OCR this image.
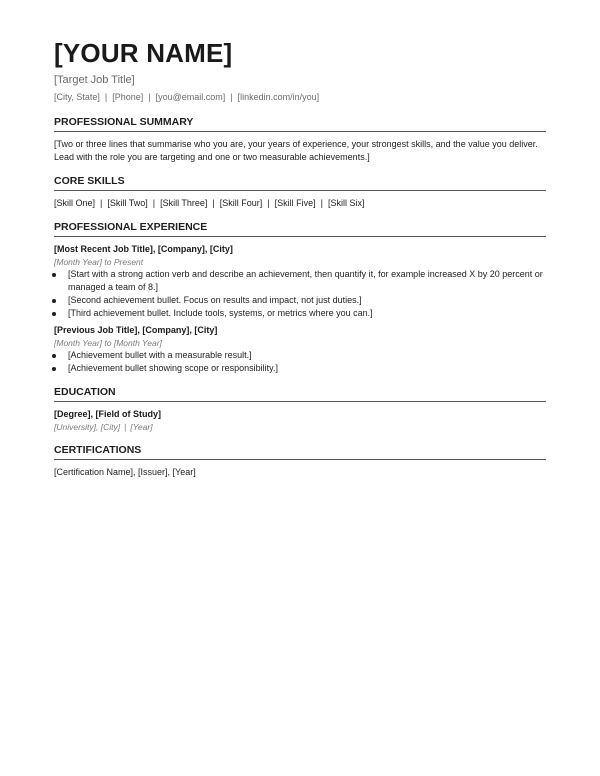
[YOUR NAME]
[Target Job Title]
[City, State] | [Phone] | [you@email.com] | [linkedin.com/in/you]
PROFESSIONAL SUMMARY
[Two or three lines that summarise who you are, your years of experience, your strongest skills, and the value you deliver. Lead with the role you are targeting and one or two measurable achievements.]
CORE SKILLS
[Skill One] | [Skill Two] | [Skill Three] | [Skill Four] | [Skill Five] | [Skill Six]
PROFESSIONAL EXPERIENCE
[Most Recent Job Title], [Company], [City]
[Month Year] to Present
[Start with a strong action verb and describe an achievement, then quantify it, for example increased X by 20 percent or managed a team of 8.]
[Second achievement bullet. Focus on results and impact, not just duties.]
[Third achievement bullet. Include tools, systems, or metrics where you can.]
[Previous Job Title], [Company], [City]
[Month Year] to [Month Year]
[Achievement bullet with a measurable result.]
[Achievement bullet showing scope or responsibility.]
EDUCATION
[Degree], [Field of Study]
[University], [City] | [Year]
CERTIFICATIONS
[Certification Name], [Issuer], [Year]
